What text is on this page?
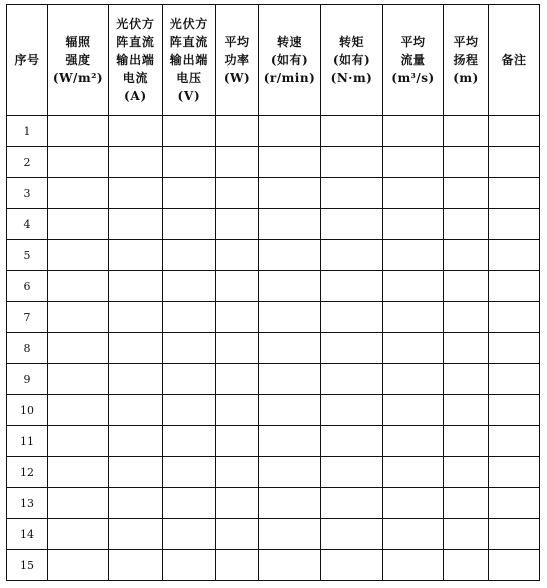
序号	辐照
强度
(W/m²)	光伏方
阵直流
输出端
电流
(A)	光伏方
阵直流
输出端
电压
(V)	平均
功率
(W)	转速
(如有)
(r/min)	转矩
(如有)
(N·m)	平均
流量
(m³/s)	平均
扬程
(m)	备注

1									
2									
3									
4									
5									
6									
7									
8									
9									
10									
11									
12									
13									
14									
15									
